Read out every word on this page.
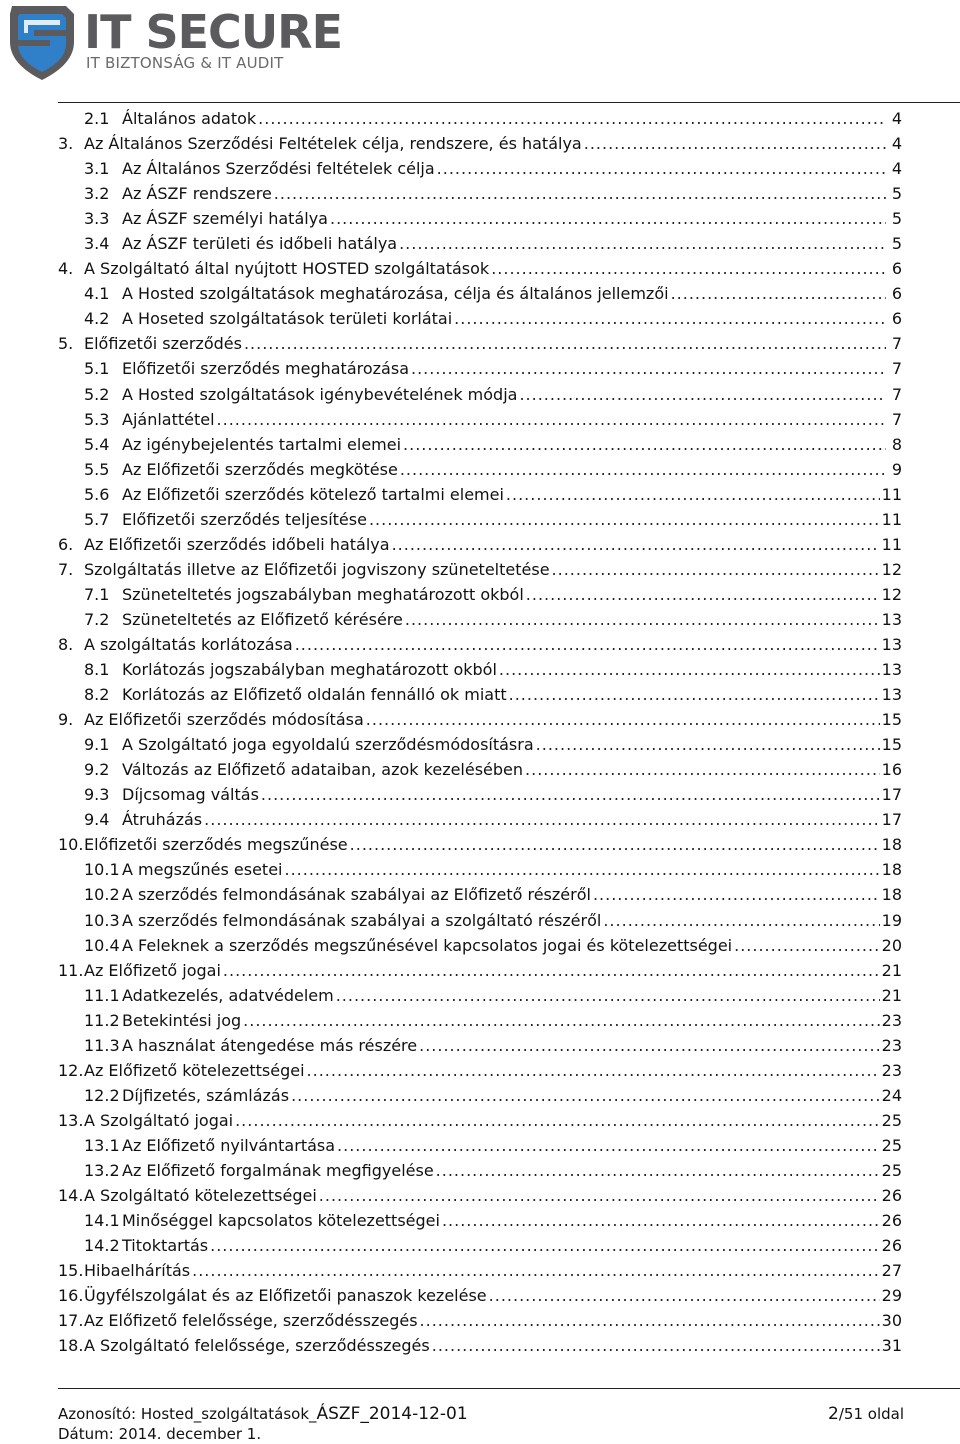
IT SECURE
IT BIZTONSÁG & IT AUDIT
2.1 Általános adatok .....	4
3. Az Általános Szerződési Feltételek célja, rendszere, és hatálya .....	4
3.1 Az Általános Szerződési feltételek célja .....	4
3.2 Az ÁSZF rendszere .....	5
3.3 Az ÁSZF személyi hatálya .....	5
3.4 Az ÁSZF területi és időbeli hatálya .....	5
4. A Szolgáltató által nyújtott HOSTED szolgáltatások .....	6
4.1 A Hosted szolgáltatások meghatározása, célja és általános jellemzői .....	6
4.2 A Hoseted szolgáltatások területi korlátai .....	6
5. Előfizetői szerződés .....	7
5.1 Előfizetői szerződés meghatározása .....	7
5.2 A Hosted szolgáltatások igénybevételének módja .....	7
5.3 Ajánlattétel .....	7
5.4 Az igénybejelentés tartalmi elemei .....	8
5.5 Az Előfizetői szerződés megkötése .....	9
5.6 Az Előfizetői szerződés kötelező tartalmi elemei .....	11
5.7 Előfizetői szerződés teljesítése .....	11
6. Az Előfizetői szerződés időbeli hatálya .....	11
7. Szolgáltatás illetve az Előfizetői jogviszony szüneteltetése .....	12
7.1 Szüneteltetés jogszabályban meghatározott okból .....	12
7.2 Szüneteltetés az Előfizető kérésére .....	13
8. A szolgáltatás korlátozása .....	13
8.1 Korlátozás jogszabályban meghatározott okból .....	13
8.2 Korlátozás az Előfizető oldalán fennálló ok miatt .....	13
9. Az Előfizetői szerződés módosítása .....	15
9.1 A Szolgáltató joga egyoldalú szerződésmódosításra .....	15
9.2 Változás az Előfizető adataiban, azok kezelésében .....	16
9.3 Díjcsomag váltás .....	17
9.4 Átruházás .....	17
10. Előfizetői szerződés megszűnése .....	18
10.1 A megszűnés esetei .....	18
10.2 A szerződés felmondásának szabályai az Előfizető részéről .....	18
10.3 A szerződés felmondásának szabályai a szolgáltató részéről .....	19
10.4 A Feleknek a szerződés megszűnésével kapcsolatos jogai és kötelezettségei .....	20
11. Az Előfizető jogai .....	21
11.1 Adatkezelés, adatvédelem .....	21
11.2 Betekintési jog .....	23
11.3 A használat átengedése más részére .....	23
12. Az Előfizető kötelezettségei .....	23
12.2 Díjfizetés, számlázás .....	24
13. A Szolgáltató jogai .....	25
13.1 Az Előfizető nyilvántartása .....	25
13.2 Az Előfizető forgalmának megfigyelése .....	25
14. A Szolgáltató kötelezettségei .....	26
14.1 Minőséggel kapcsolatos kötelezettségei .....	26
14.2 Titoktartás .....	26
15. Hibaelhárítás .....	27
16. Ügyfélszolgálat és az Előfizetői panaszok kezelése .....	29
17. Az Előfizető felelőssége, szerződésszegés .....	30
18. A Szolgáltató felelőssége, szerződésszegés .....	31
Azonosító: Hosted_szolgáltatások_ÁSZF_2014-12-01
Dátum: 2014. december 1.
2/51 oldal
